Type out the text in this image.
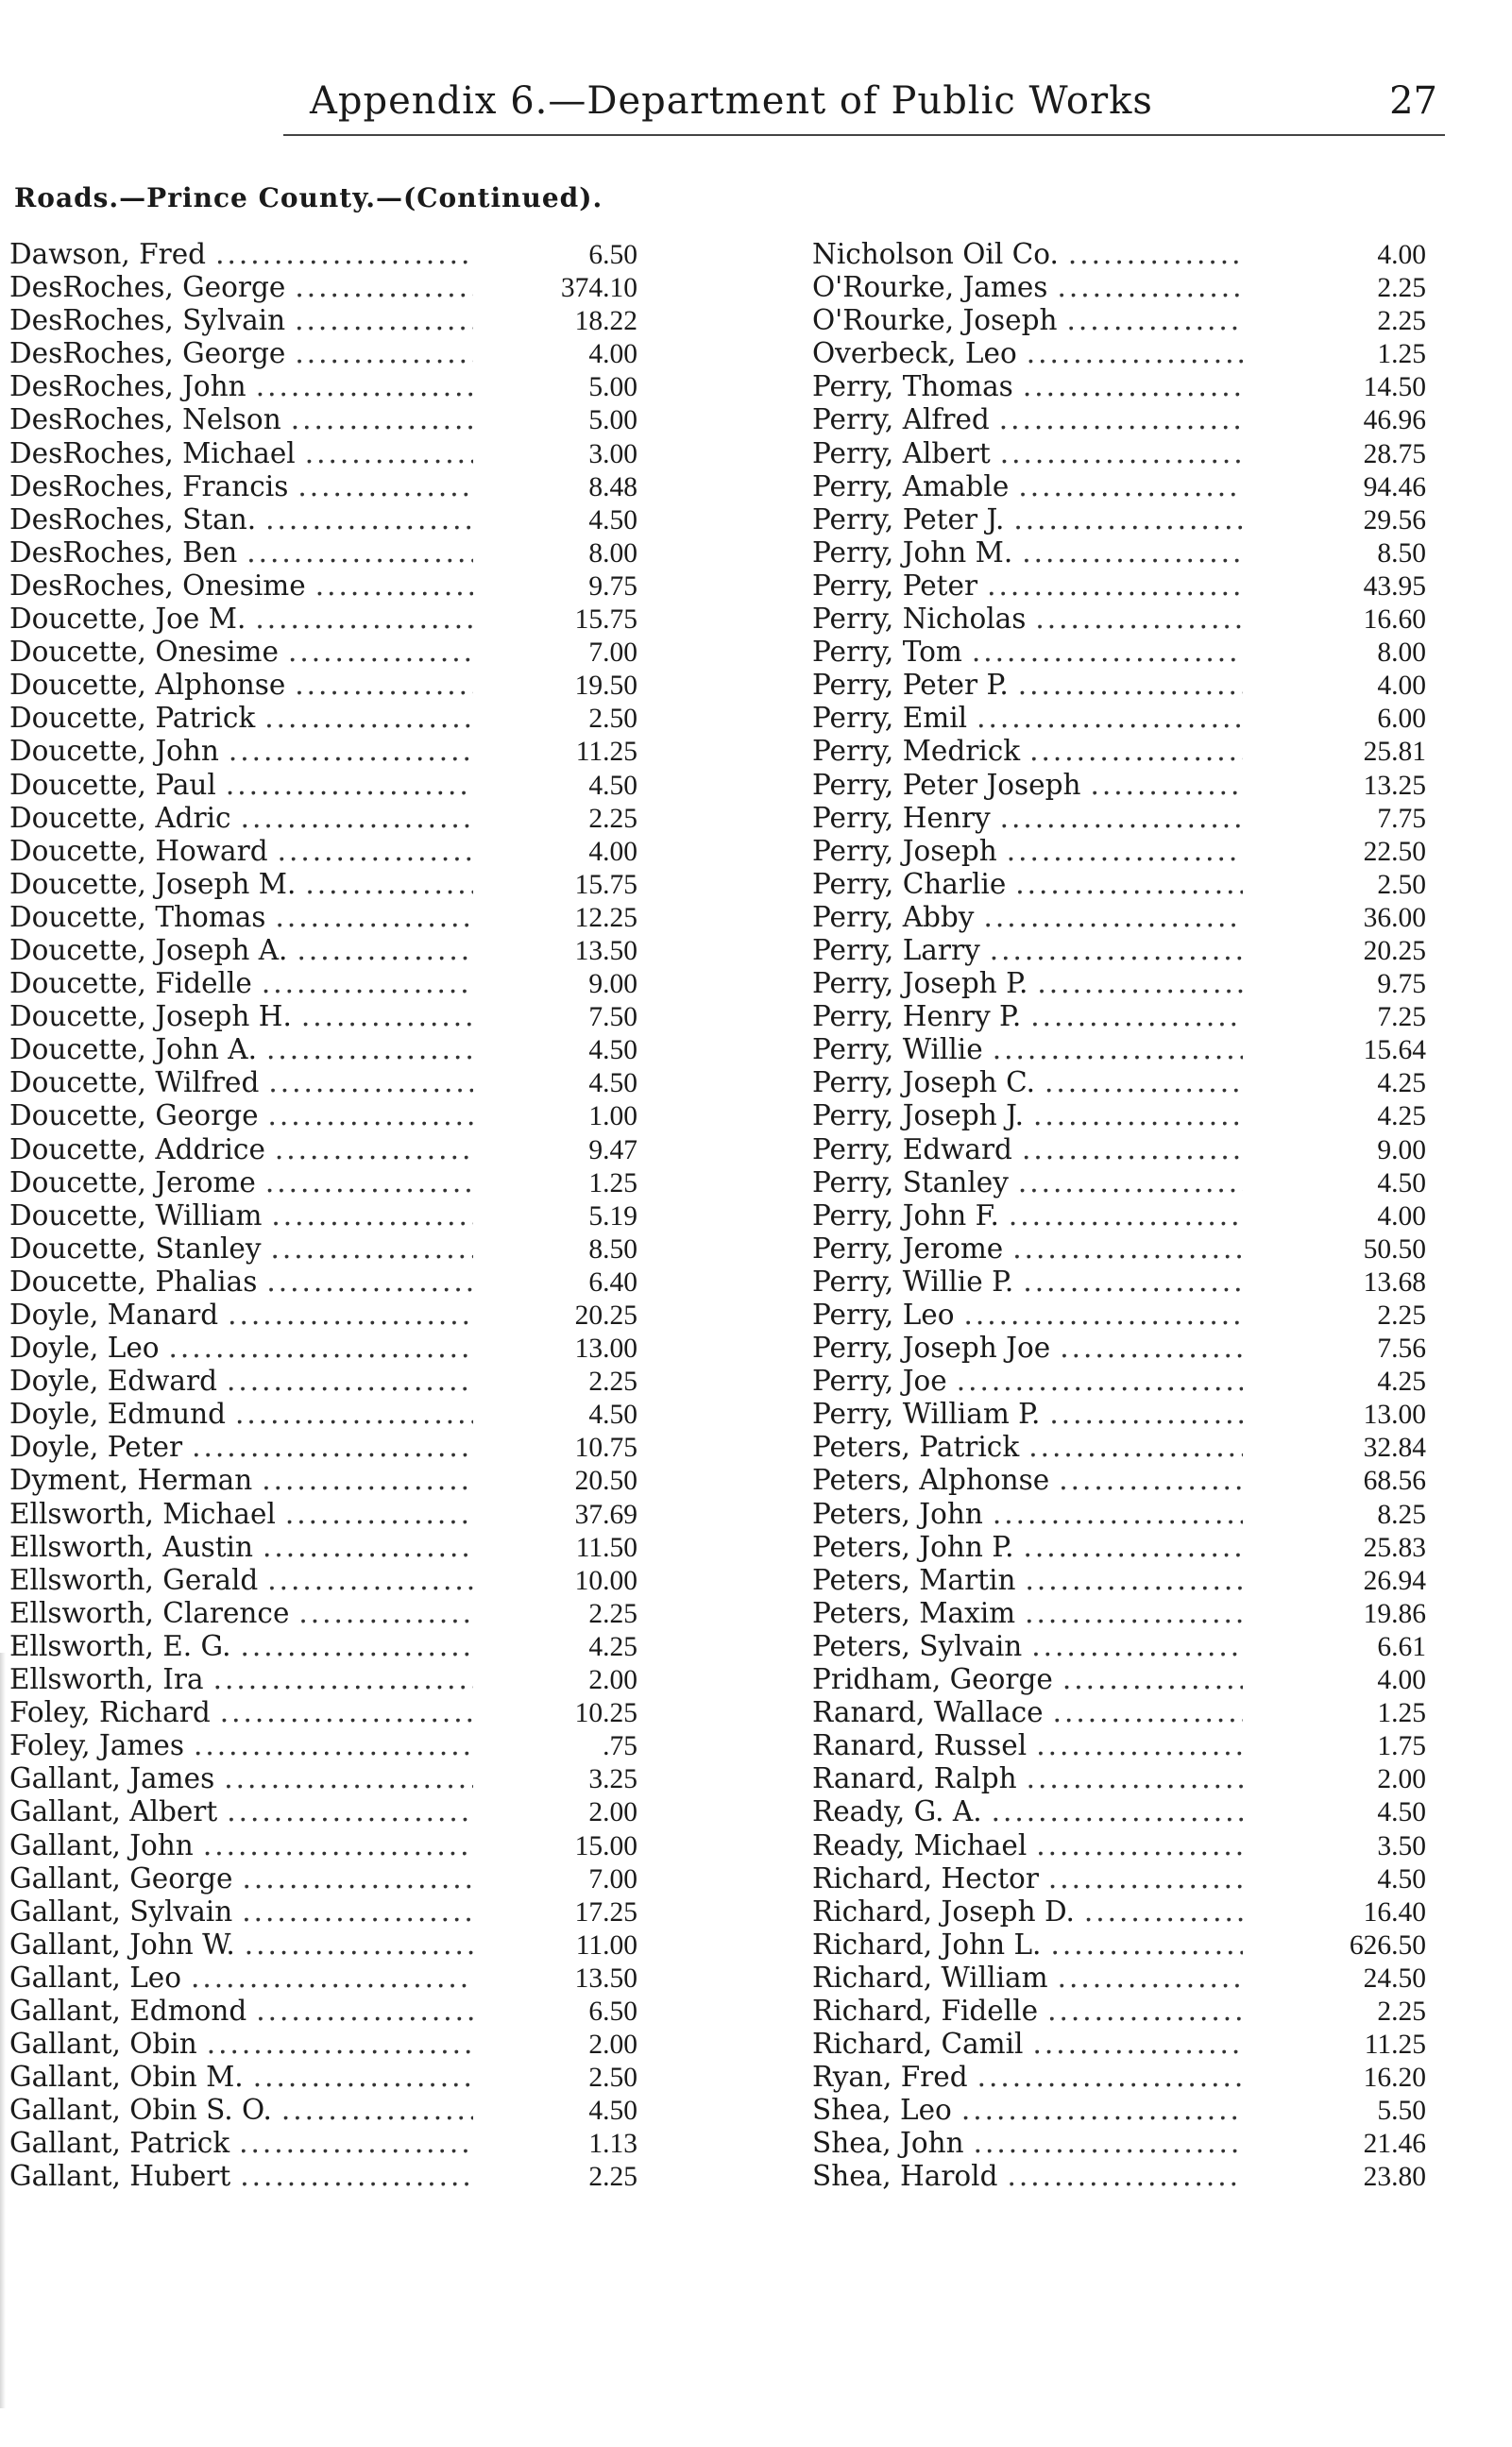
Appendix 6.—Department of Public Works	27
Roads.—Prince County.—(Continued).
Dawson, Fred .....	6.50
DesRoches, George .....	374.10
DesRoches, Sylvain .....	18.22
DesRoches, George .....	4.00
DesRoches, John .....	5.00
DesRoches, Nelson .....	5.00
DesRoches, Michael .....	3.00
DesRoches, Francis .....	8.48
DesRoches, Stan. .....	4.50
DesRoches, Ben .....	8.00
DesRoches, Onesime .....	9.75
Doucette, Joe M. .....	15.75
Doucette, Onesime .....	7.00
Doucette, Alphonse .....	19.50
Doucette, Patrick .....	2.50
Doucette, John .....	11.25
Doucette, Paul .....	4.50
Doucette, Adric .....	2.25
Doucette, Howard .....	4.00
Doucette, Joseph M. .....	15.75
Doucette, Thomas .....	12.25
Doucette, Joseph A. .....	13.50
Doucette, Fidelle .....	9.00
Doucette, Joseph H. .....	7.50
Doucette, John A. .....	4.50
Doucette, Wilfred .....	4.50
Doucette, George .....	1.00
Doucette, Addrice .....	9.47
Doucette, Jerome .....	1.25
Doucette, William .....	5.19
Doucette, Stanley .....	8.50
Doucette, Phalias .....	6.40
Doyle, Manard .....	20.25
Doyle, Leo .....	13.00
Doyle, Edward .....	2.25
Doyle, Edmund .....	4.50
Doyle, Peter .....	10.75
Dyment, Herman .....	20.50
Ellsworth, Michael .....	37.69
Ellsworth, Austin .....	11.50
Ellsworth, Gerald .....	10.00
Ellsworth, Clarence .....	2.25
Ellsworth, E. G. .....	4.25
Ellsworth, Ira .....	2.00
Foley, Richard .....	10.25
Foley, James .....	.75
Gallant, James .....	3.25
Gallant, Albert .....	2.00
Gallant, John .....	15.00
Gallant, George .....	7.00
Gallant, Sylvain .....	17.25
Gallant, John W. .....	11.00
Gallant, Leo .....	13.50
Gallant, Edmond .....	6.50
Gallant, Obin .....	2.00
Gallant, Obin M. .....	2.50
Gallant, Obin S. O. .....	4.50
Gallant, Patrick .....	1.13
Gallant, Hubert .....	2.25
Nicholson Oil Co. .....	4.00
O'Rourke, James .....	2.25
O'Rourke, Joseph .....	2.25
Overbeck, Leo .....	1.25
Perry, Thomas .....	14.50
Perry, Alfred .....	46.96
Perry, Albert .....	28.75
Perry, Amable .....	94.46
Perry, Peter J. .....	29.56
Perry, John M. .....	8.50
Perry, Peter .....	43.95
Perry, Nicholas .....	16.60
Perry, Tom .....	8.00
Perry, Peter P. .....	4.00
Perry, Emil .....	6.00
Perry, Medrick .....	25.81
Perry, Peter Joseph .....	13.25
Perry, Henry .....	7.75
Perry, Joseph .....	22.50
Perry, Charlie .....	2.50
Perry, Abby .....	36.00
Perry, Larry .....	20.25
Perry, Joseph P. .....	9.75
Perry, Henry P. .....	7.25
Perry, Willie .....	15.64
Perry, Joseph C. .....	4.25
Perry, Joseph J. .....	4.25
Perry, Edward .....	9.00
Perry, Stanley .....	4.50
Perry, John F. .....	4.00
Perry, Jerome .....	50.50
Perry, Willie P. .....	13.68
Perry, Leo .....	2.25
Perry, Joseph Joe .....	7.56
Perry, Joe .....	4.25
Perry, William P. .....	13.00
Peters, Patrick .....	32.84
Peters, Alphonse .....	68.56
Peters, John .....	8.25
Peters, John P. .....	25.83
Peters, Martin .....	26.94
Peters, Maxim .....	19.86
Peters, Sylvain .....	6.61
Pridham, George .....	4.00
Ranard, Wallace .....	1.25
Ranard, Russel .....	1.75
Ranard, Ralph .....	2.00
Ready, G. A. .....	4.50
Ready, Michael .....	3.50
Richard, Hector .....	4.50
Richard, Joseph D. .....	16.40
Richard, John L. .....	626.50
Richard, William .....	24.50
Richard, Fidelle .....	2.25
Richard, Camil .....	11.25
Ryan, Fred .....	16.20
Shea, Leo .....	5.50
Shea, John .....	21.46
Shea, Harold .....	23.80
